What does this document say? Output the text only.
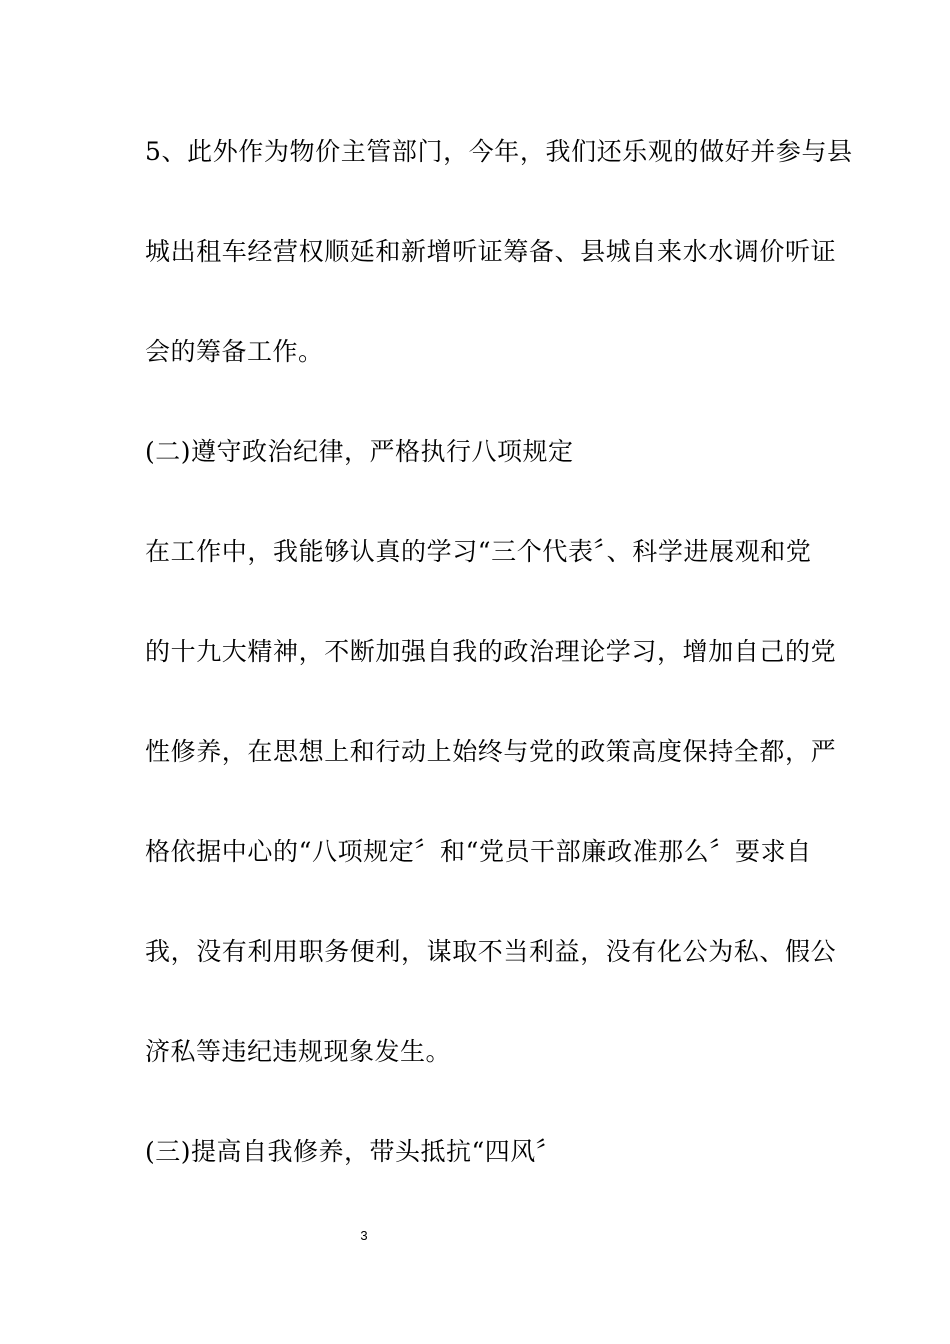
5、此外作为物价主管部门，今年，我们还乐观的做好并参与县
城出租车经营权顺延和新增听证筹备、县城自来水水调价听证
会的筹备工作。
(二)遵守政治纪律，严格执行八项规定
在工作中，我能够认真的学习“三个代表〞、科学进展观和党
的十九大精神，不断加强自我的政治理论学习，增加自己的党
性修养，在思想上和行动上始终与党的政策高度保持全都，严
格依据中心的“八项规定〞和“党员干部廉政准那么〞要求自
我，没有利用职务便利，谋取不当利益，没有化公为私、假公
济私等违纪违规现象发生。
(三)提高自我修养，带头抵抗“四风〞
3
